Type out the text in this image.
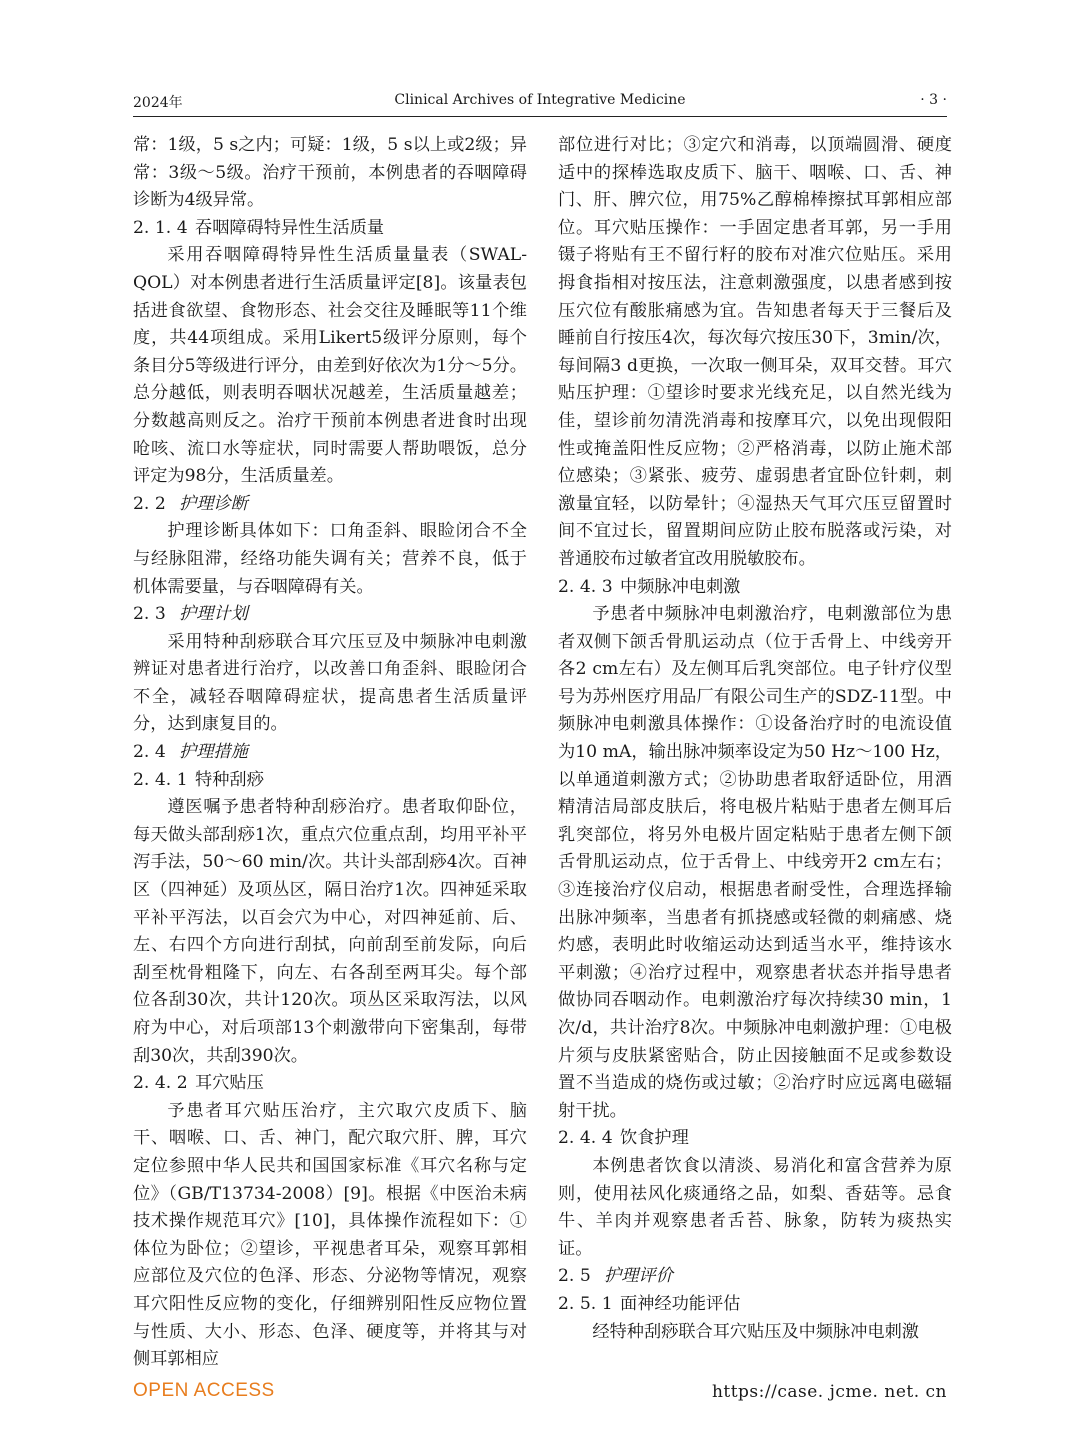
2024年	Clinical Archives of Integrative Medicine	· 3 ·
常：1级，5 s之内；可疑：1级，5 s以上或2级；异常：3级～5级。治疗干预前，本例患者的吞咽障碍诊断为4级异常。
2. 1. 4 吞咽障碍特异性生活质量
采用吞咽障碍特异性生活质量量表（SWAL-QOL）对本例患者进行生活质量评定[8]。该量表包括进食欲望、食物形态、社会交往及睡眠等11个维度，共44项组成。采用Likert5级评分原则，每个条目分5等级进行评分，由差到好依次为1分～5分。总分越低，则表明吞咽状况越差，生活质量越差；分数越高则反之。治疗干预前本例患者进食时出现呛咳、流口水等症状，同时需要人帮助喂饭，总分评定为98分，生活质量差。
2. 2 护理诊断
护理诊断具体如下：口角歪斜、眼睑闭合不全与经脉阻滞，经络功能失调有关；营养不良，低于机体需要量，与吞咽障碍有关。
2. 3 护理计划
采用特种刮痧联合耳穴压豆及中频脉冲电刺激辨证对患者进行治疗，以改善口角歪斜、眼睑闭合不全，减轻吞咽障碍症状，提高患者生活质量评分，达到康复目的。
2. 4 护理措施
2. 4. 1 特种刮痧
遵医嘱予患者特种刮痧治疗。患者取仰卧位，每天做头部刮痧1次，重点穴位重点刮，均用平补平泻手法，50～60 min/次。共计头部刮痧4次。百神区（四神延）及项丛区，隔日治疗1次。四神延采取平补平泻法，以百会穴为中心，对四神延前、后、左、右四个方向进行刮拭，向前刮至前发际，向后刮至枕骨粗隆下，向左、右各刮至两耳尖。每个部位各刮30次，共计120次。项丛区采取泻法，以风府为中心，对后项部13个刺激带向下密集刮，每带刮30次，共刮390次。
2. 4. 2 耳穴贴压
予患者耳穴贴压治疗，主穴取穴皮质下、脑干、咽喉、口、舌、神门，配穴取穴肝、脾，耳穴定位参照中华人民共和国国家标准《耳穴名称与定位》（GB/T13734-2008）[9]。根据《中医治未病技术操作规范耳穴》[10]，具体操作流程如下：①体位为卧位；②望诊，平视患者耳朵，观察耳郭相应部位及穴位的色泽、形态、分泌物等情况，观察耳穴阳性反应物的变化，仔细辨别阳性反应物位置与性质、大小、形态、色泽、硬度等，并将其与对侧耳郭相应
部位进行对比；③定穴和消毒，以顶端圆滑、硬度适中的探棒选取皮质下、脑干、咽喉、口、舌、神门、肝、脾穴位，用75%乙醇棉棒擦拭耳郭相应部位。耳穴贴压操作：一手固定患者耳郭，另一手用镊子将贴有王不留行籽的胶布对准穴位贴压。采用拇食指相对按压法，注意刺激强度，以患者感到按压穴位有酸胀痛感为宜。告知患者每天于三餐后及睡前自行按压4次，每次每穴按压30下，3min/次，每间隔3 d更换，一次取一侧耳朵，双耳交替。耳穴贴压护理：①望诊时要求光线充足，以自然光线为佳，望诊前勿清洗消毒和按摩耳穴，以免出现假阳性或掩盖阳性反应物；②严格消毒，以防止施术部位感染；③紧张、疲劳、虚弱患者宜卧位针刺，刺激量宜轻，以防晕针；④湿热天气耳穴压豆留置时间不宜过长，留置期间应防止胶布脱落或污染，对普通胶布过敏者宜改用脱敏胶布。
2. 4. 3 中频脉冲电刺激
予患者中频脉冲电刺激治疗，电刺激部位为患者双侧下颌舌骨肌运动点（位于舌骨上、中线旁开各2 cm左右）及左侧耳后乳突部位。电子针疗仪型号为苏州医疗用品厂有限公司生产的SDZ-11型。中频脉冲电刺激具体操作：①设备治疗时的电流设值为10 mA，输出脉冲频率设定为50 Hz～100 Hz，以单通道刺激方式；②协助患者取舒适卧位，用酒精清洁局部皮肤后，将电极片粘贴于患者左侧耳后乳突部位，将另外电极片固定粘贴于患者左侧下颌舌骨肌运动点，位于舌骨上、中线旁开2 cm左右；③连接治疗仪启动，根据患者耐受性，合理选择输出脉冲频率，当患者有抓挠感或轻微的刺痛感、烧灼感，表明此时收缩运动达到适当水平，维持该水平刺激；④治疗过程中，观察患者状态并指导患者做协同吞咽动作。电刺激治疗每次持续30 min，1次/d，共计治疗8次。中频脉冲电刺激护理：①电极片须与皮肤紧密贴合，防止因接触面不足或参数设置不当造成的烧伤或过敏；②治疗时应远离电磁辐射干扰。
2. 4. 4 饮食护理
本例患者饮食以清淡、易消化和富含营养为原则，使用祛风化痰通络之品，如梨、香菇等。忌食牛、羊肉并观察患者舌苔、脉象，防转为痰热实证。
2. 5 护理评价
2. 5. 1 面神经功能评估
经特种刮痧联合耳穴贴压及中频脉冲电刺激
OPEN ACCESS	https://case. jcme. net. cn
